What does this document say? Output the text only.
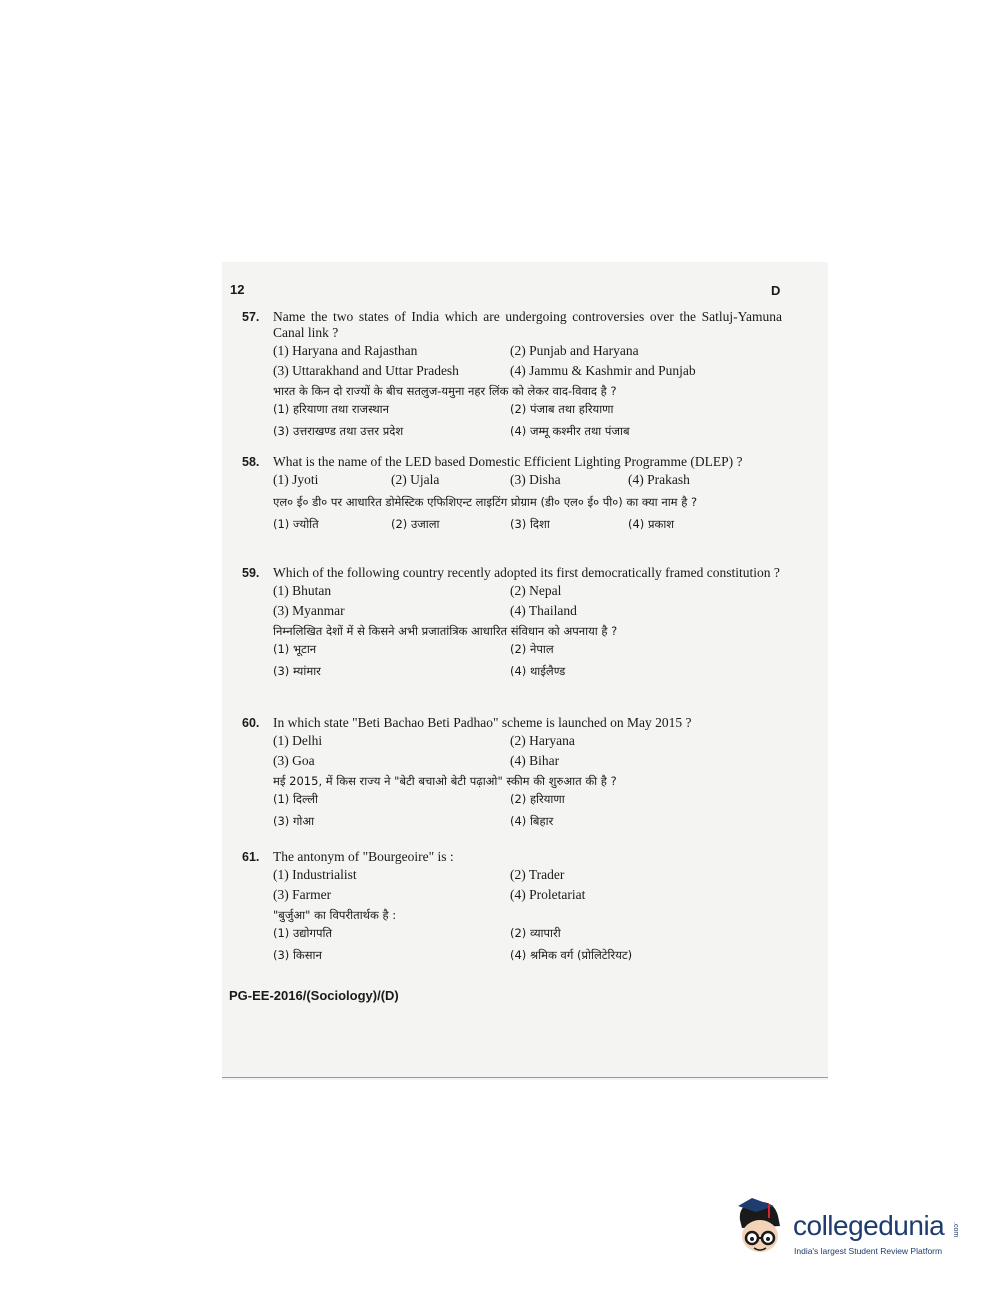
12	D
57.	Name the two states of India which are undergoing controversies over the Satluj-Yamuna Canal link ?
(1) Haryana and Rajasthan	(2) Punjab and Haryana
(3) Uttarakhand and Uttar Pradesh	(4) Jammu & Kashmir and Punjab
भारत के किन दो राज्यों के बीच सतलुज-यमुना नहर लिंक को लेकर वाद-विवाद है ?
(1) हरियाणा तथा राजस्थान	(2) पंजाब तथा हरियाणा
(3) उत्तराखण्ड तथा उत्तर प्रदेश	(4) जम्मू कश्मीर तथा पंजाब
58.	What is the name of the LED based Domestic Efficient Lighting Programme (DLEP) ?
(1) Jyoti	(2) Ujala	(3) Disha	(4) Prakash
एल० ई० डी० पर आधारित डोमेस्टिक एफिशिएन्ट लाइटिंग प्रोग्राम (डी० एल० ई० पी०) का क्या नाम है ?
(1) ज्योति	(2) उजाला	(3) दिशा	(4) प्रकाश
59.	Which of the following country recently adopted its first democratically framed constitution ?
(1) Bhutan	(2) Nepal
(3) Myanmar	(4) Thailand
निम्नलिखित देशों में से किसने अभी प्रजातांत्रिक आधारित संविधान को अपनाया है ?
(1) भूटान	(2) नेपाल
(3) म्यांमार	(4) थाईलैण्ड
60.	In which state "Beti Bachao Beti Padhao" scheme is launched on May 2015 ?
(1) Delhi	(2) Haryana
(3) Goa	(4) Bihar
मई 2015, में किस राज्य ने "बेटी बचाओ बेटी पढ़ाओ" स्कीम की शुरुआत की है ?
(1) दिल्ली	(2) हरियाणा
(3) गोआ	(4) बिहार
61.	The antonym of "Bourgeoire" is :
(1) Industrialist	(2) Trader
(3) Farmer	(4) Proletariat
"बुर्जुआ" का विपरीतार्थक है :
(1) उद्योगपति	(2) व्यापारी
(3) किसान	(4) श्रमिक वर्ग (प्रोलिटेरियट)
PG-EE-2016/(Sociology)/(D)
collegedunia .com
India's largest Student Review Platform
